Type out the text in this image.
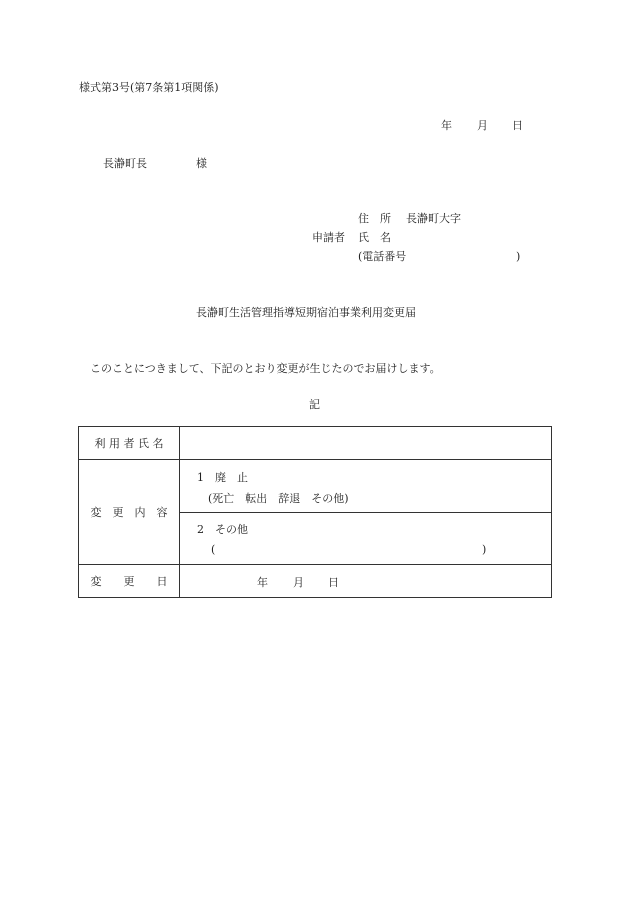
様式第3号(第7条第1項関係)
年 月 日
長瀞町長	様
住　所 長瀞町大字
申請者 氏　名
(電話番号	)
長瀞町生活管理指導短期宿泊事業利用変更届
このことにつきまして、下記のとおり変更が生じたのでお届けします。
記
利 用 者 氏 名	
変　更　内　容	1　廃　止
(死亡　転出　辞退　その他)
2　その他
( )

変　　更　　日	年 月 日
